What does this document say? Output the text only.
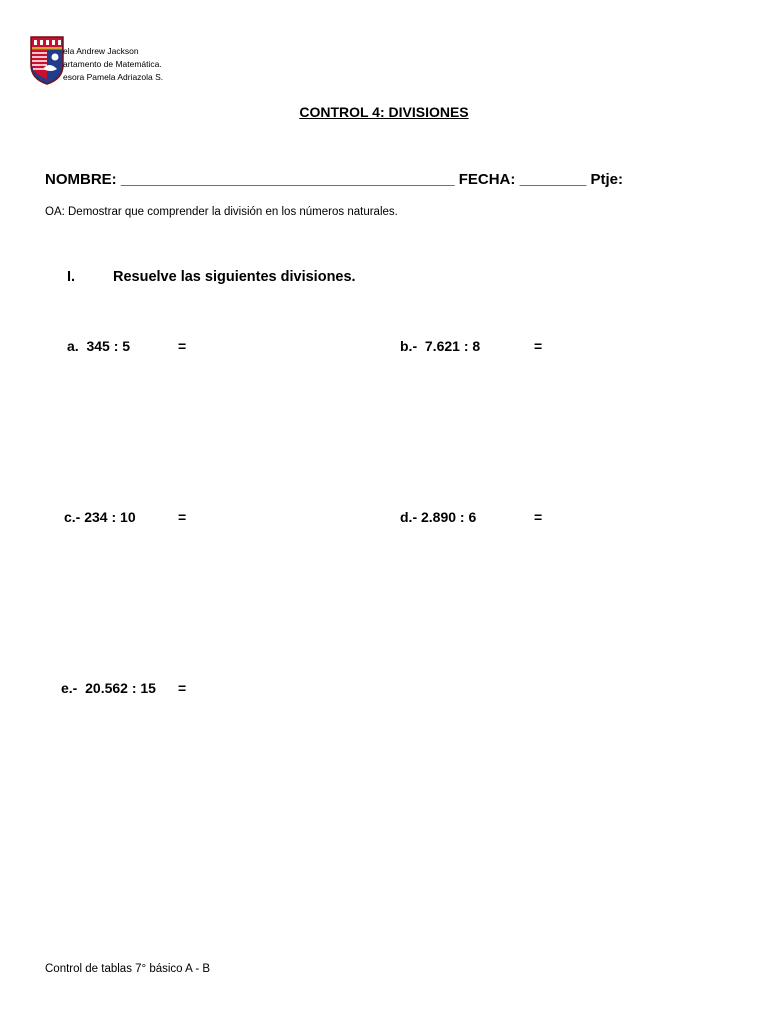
ela Andrew Jackson
artamento de Matemática.
esora Pamela Adriazola S.
CONTROL 4: DIVISIONES
NOMBRE: ________________________________________ FECHA: ________ Ptje:
OA: Demostrar que comprender la división en los números naturales.
I.	Resuelve las siguientes divisiones.
a. 345 : 5	=	b.- 7.621 : 8	=
c.- 234 : 10	=	d.- 2.890 : 6	=
e.- 20.562 : 15 =
Control de tablas 7° básico A - B
